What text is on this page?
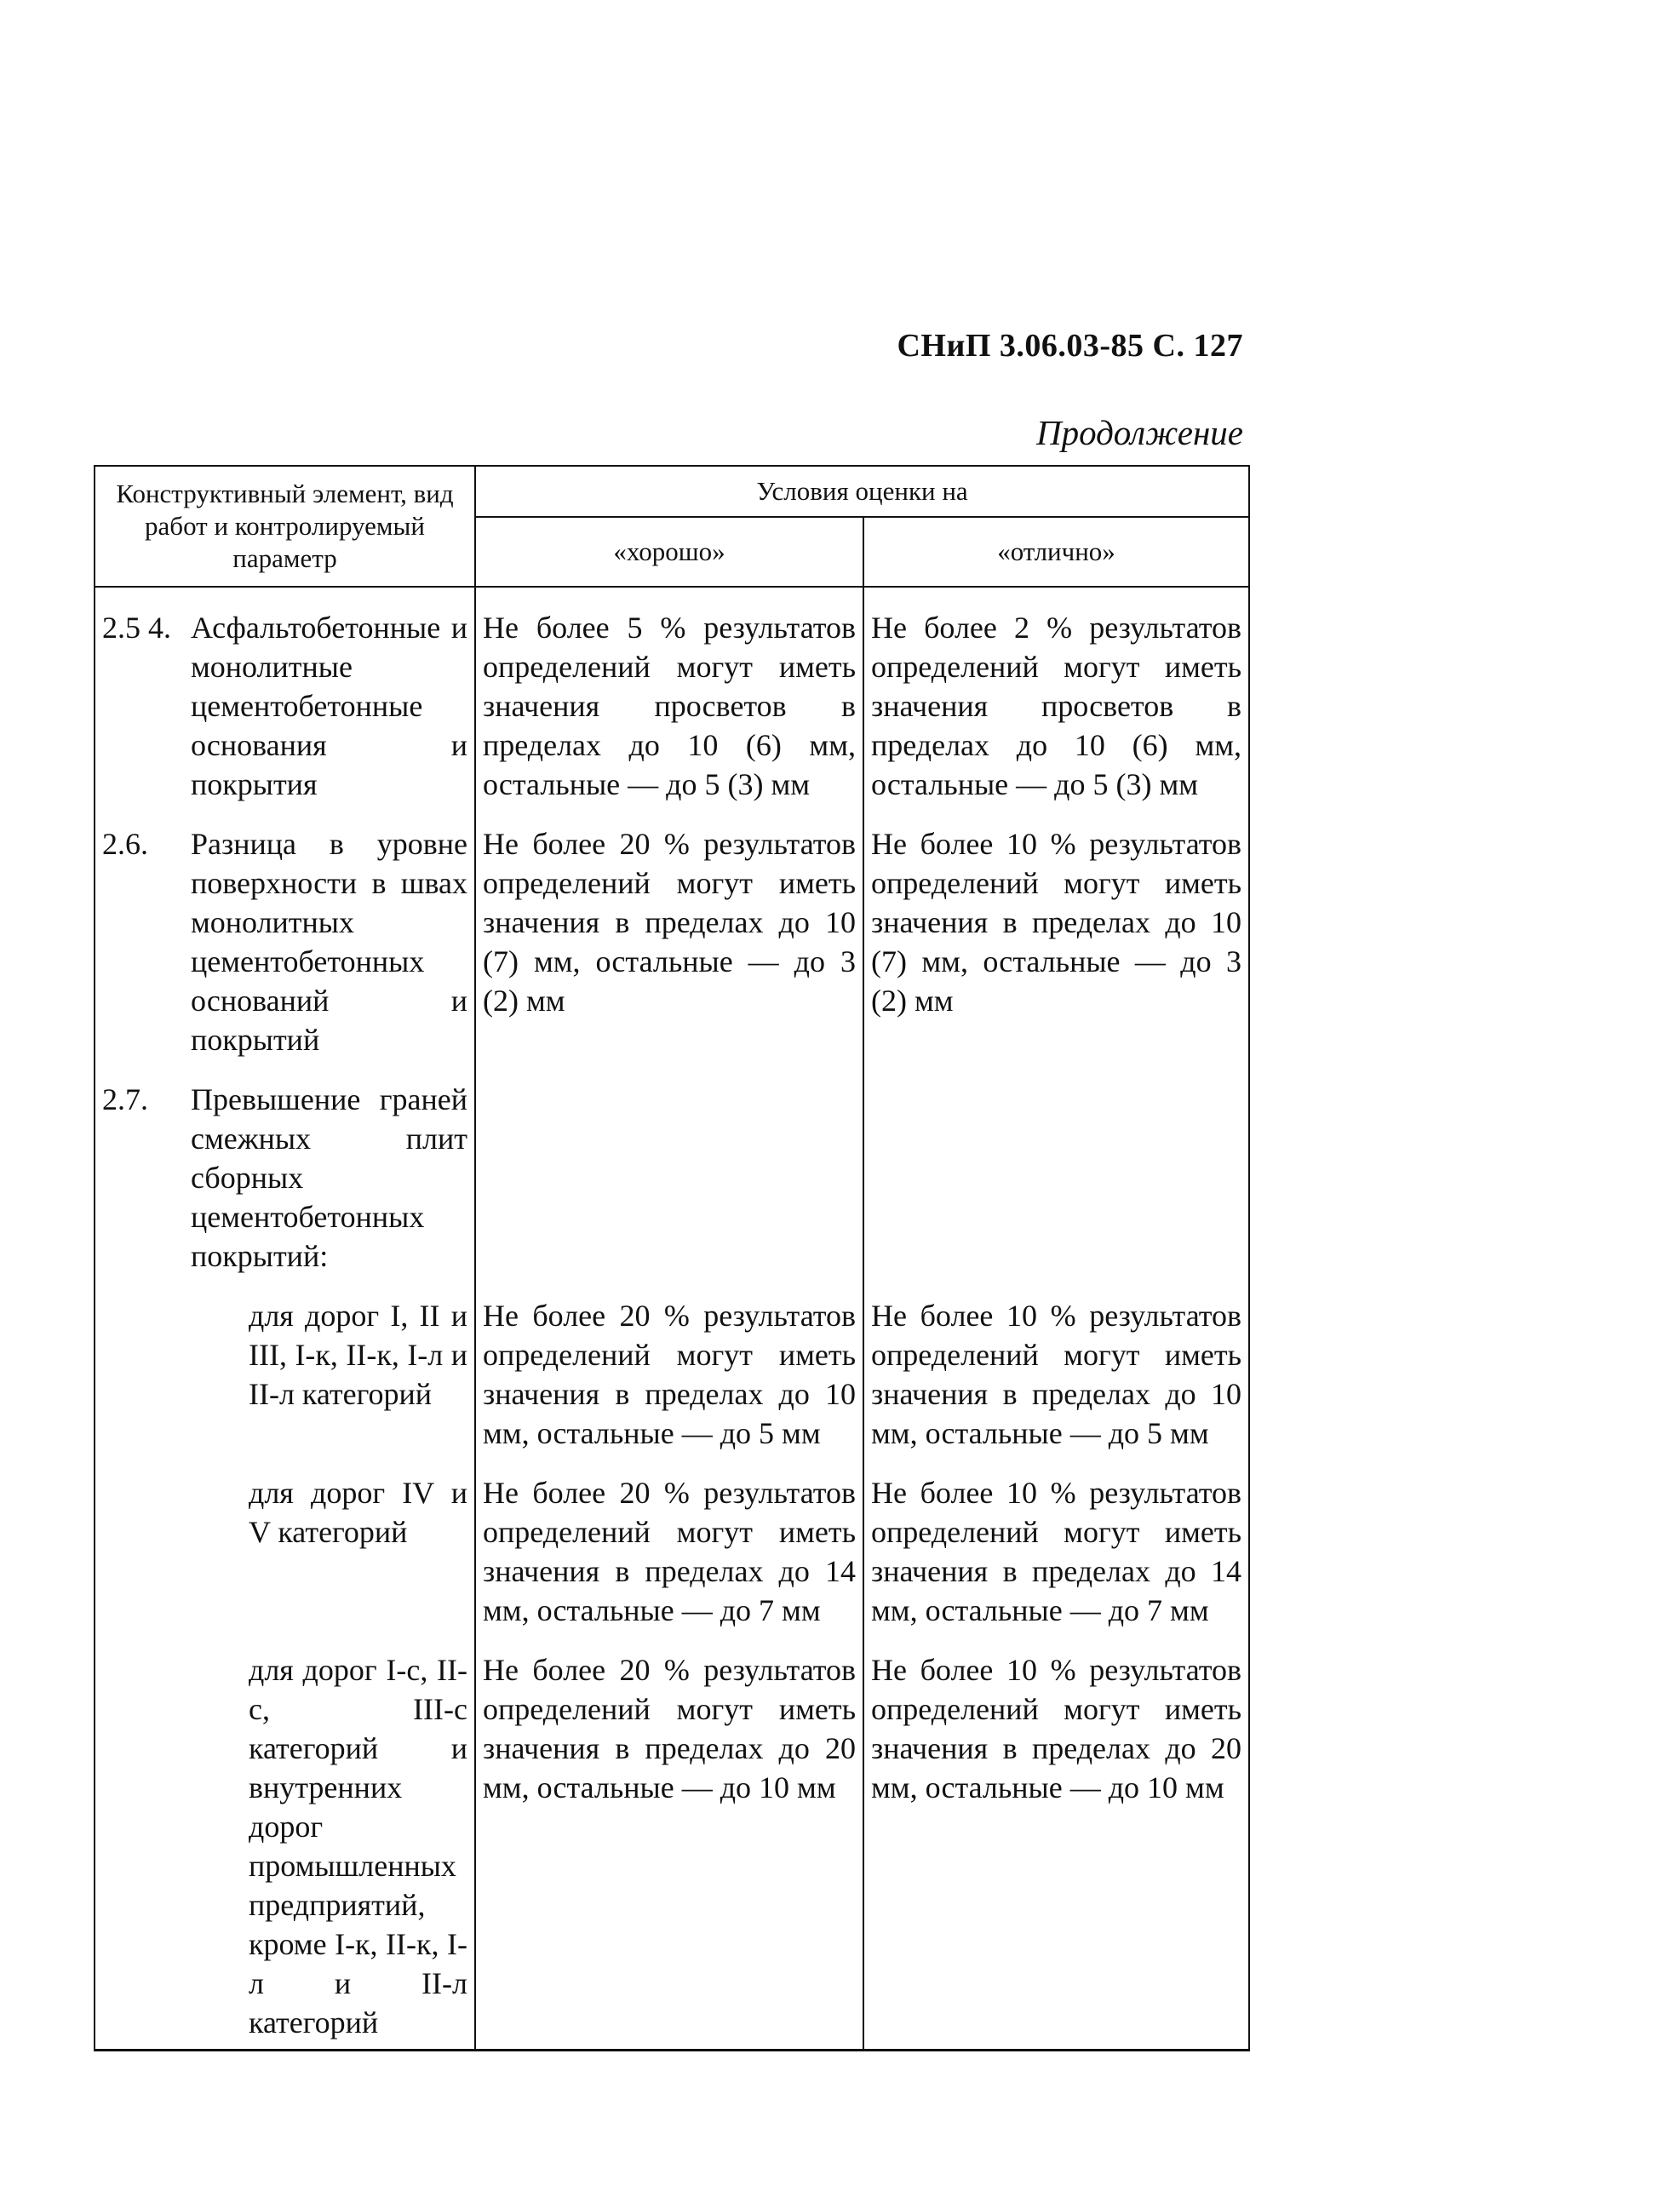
СНиП 3.06.03-85 С. 127
Продолжение
Конструктивный элемент, вид работ и контролируемый параметр	Условия оценки на	
	«хорошо»	«отлично»

2.5 4. Асфальтобетонные и монолитные цементобетонные основания и покрытия	Не более 5 % результатов определений могут иметь значения просветов в пределах до 10 (6) мм, остальные — до 5 (3) мм	Не более 2 % результатов определений могут иметь значения просветов в пределах до 10 (6) мм, остальные — до 5 (3) мм

2.6. Разница в уровне поверхности в швах монолитных цементобетонных оснований и покрытий	Не более 20 % результатов определений могут иметь значения в пределах до 10 (7) мм, остальные — до 3 (2) мм	Не более 10 % результатов определений могут иметь значения в пределах до 10 (7) мм, остальные — до 3 (2) мм

2.7. Превышение граней смежных плит сборных цементобетонных покрытий:		

для дорог I, II и III, I-к, II-к, I-л и II-л категорий	Не более 20 % результатов определений могут иметь значения в пределах до 10 мм, остальные — до 5 мм	Не более 10 % результатов определений могут иметь значения в пределах до 10 мм, остальные — до 5 мм

для дорог IV и V категорий	Не более 20 % результатов определений могут иметь значения в пределах до 14 мм, остальные — до 7 мм	Не более 10 % результатов определений могут иметь значения в пределах до 14 мм, остальные — до 7 мм

для дорог I-с, II-с, III-с категорий и внутренних дорог промышленных предприятий, кроме I-к, II-к, I-л и II-л категорий	Не более 20 % результатов определений могут иметь значения в пределах до 20 мм, остальные — до 10 мм	Не более 10 % результатов определений могут иметь значения в пределах до 20 мм, остальные — до 10 мм
